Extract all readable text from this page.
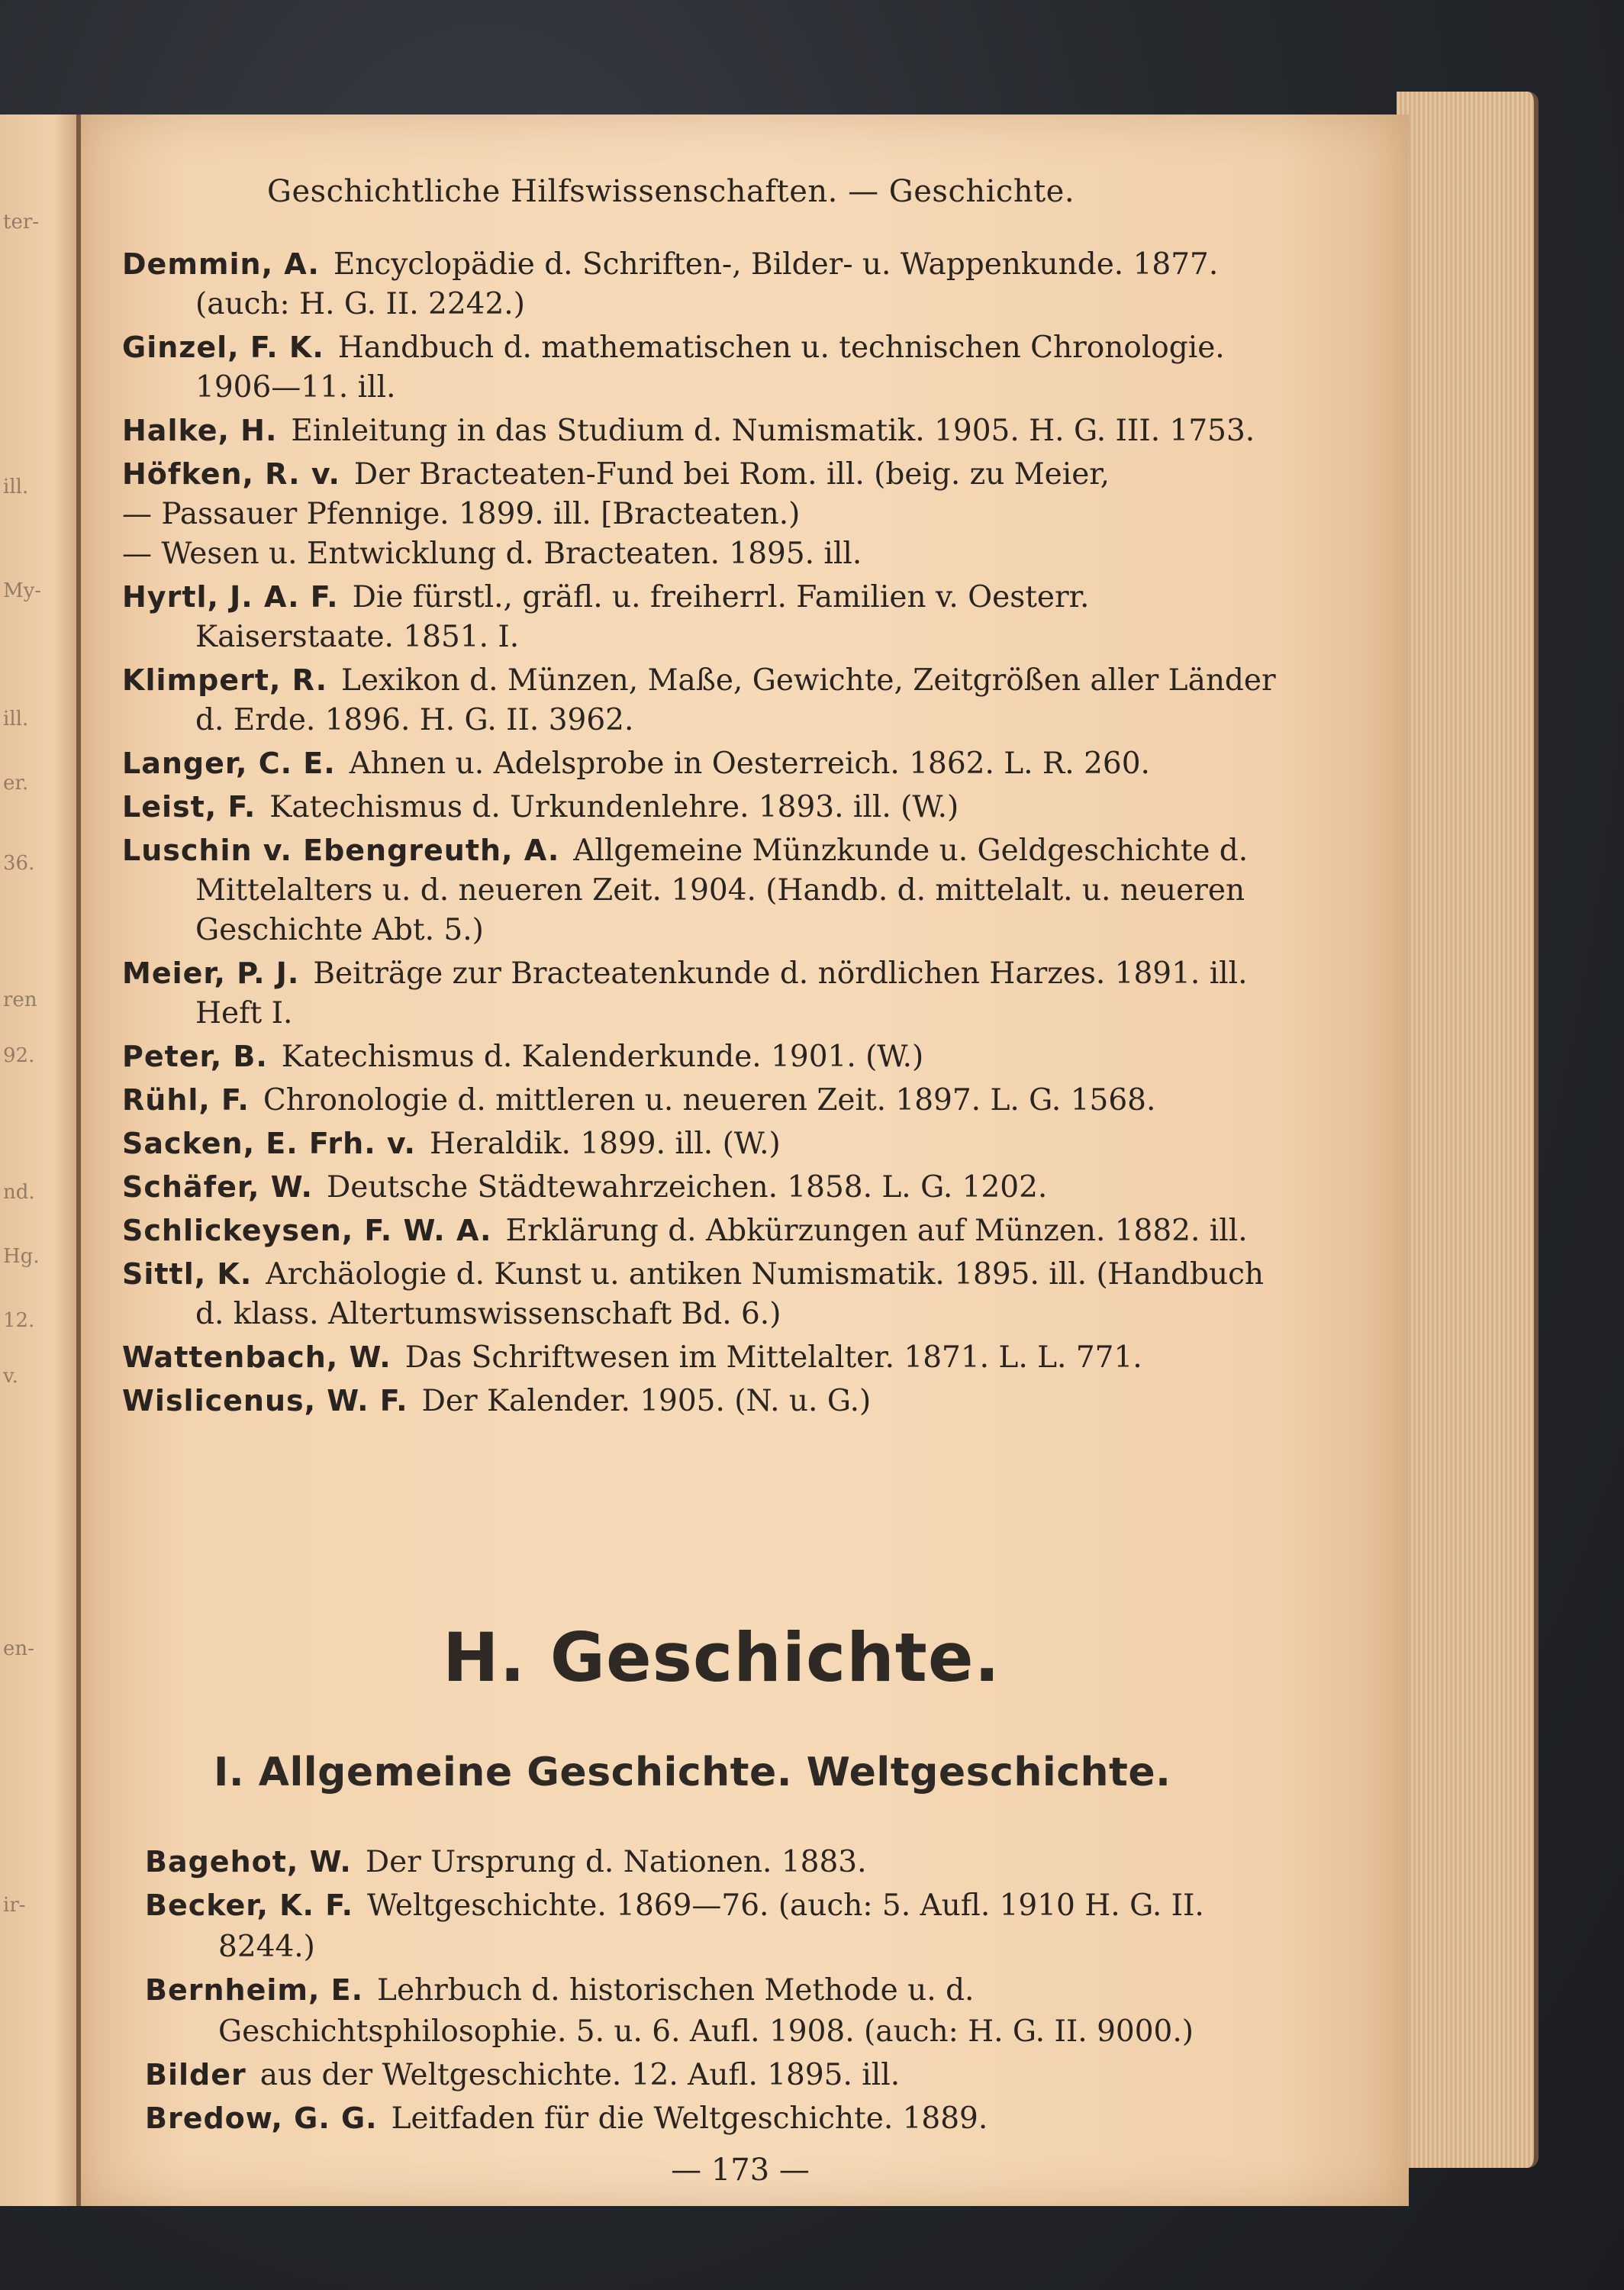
ter-
ill.
My-
ill.
er.
36.
ren
92.
nd.
Hg.
12.
v.
en-
ir-
Geschichtliche Hilfswissenschaften. — Geschichte.
Demmin, A. Encyclopädie d. Schriften-, Bilder- u. Wappenkunde. 1877. (auch: H. G. II. 2242.)
Ginzel, F. K. Handbuch d. mathematischen u. technischen Chronologie. 1906—11. ill.
Halke, H. Einleitung in das Studium d. Numismatik. 1905. H. G. III. 1753.
Höfken, R. v. Der Bracteaten-Fund bei Rom. ill. (beig. zu Meier,
— Passauer Pfennige. 1899. ill. [Bracteaten.)
— Wesen u. Entwicklung d. Bracteaten. 1895. ill.
Hyrtl, J. A. F. Die fürstl., gräfl. u. freiherrl. Familien v. Oesterr. Kaiserstaate. 1851. I.
Klimpert, R. Lexikon d. Münzen, Maße, Gewichte, Zeitgrößen aller Länder d. Erde. 1896. H. G. II. 3962.
Langer, C. E. Ahnen u. Adelsprobe in Oesterreich. 1862. L. R. 260.
Leist, F. Katechismus d. Urkundenlehre. 1893. ill. (W.)
Luschin v. Ebengreuth, A. Allgemeine Münzkunde u. Geldgeschichte d. Mittelalters u. d. neueren Zeit. 1904. (Handb. d. mittelalt. u. neueren Geschichte Abt. 5.)
Meier, P. J. Beiträge zur Bracteatenkunde d. nördlichen Harzes. 1891. ill. Heft I.
Peter, B. Katechismus d. Kalenderkunde. 1901. (W.)
Rühl, F. Chronologie d. mittleren u. neueren Zeit. 1897. L. G. 1568.
Sacken, E. Frh. v. Heraldik. 1899. ill. (W.)
Schäfer, W. Deutsche Städtewahrzeichen. 1858. L. G. 1202.
Schlickeysen, F. W. A. Erklärung d. Abkürzungen auf Münzen. 1882. ill.
Sittl, K. Archäologie d. Kunst u. antiken Numismatik. 1895. ill. (Handbuch d. klass. Altertumswissenschaft Bd. 6.)
Wattenbach, W. Das Schriftwesen im Mittelalter. 1871. L. L. 771.
Wislicenus, W. F. Der Kalender. 1905. (N. u. G.)
H. Geschichte.
I. Allgemeine Geschichte. Weltgeschichte.
Bagehot, W. Der Ursprung d. Nationen. 1883.
Becker, K. F. Weltgeschichte. 1869—76. (auch: 5. Aufl. 1910 H. G. II. 8244.)
Bernheim, E. Lehrbuch d. historischen Methode u. d. Geschichtsphilosophie. 5. u. 6. Aufl. 1908. (auch: H. G. II. 9000.)
Bilder aus der Weltgeschichte. 12. Aufl. 1895. ill.
Bredow, G. G. Leitfaden für die Weltgeschichte. 1889.
— 173 —
